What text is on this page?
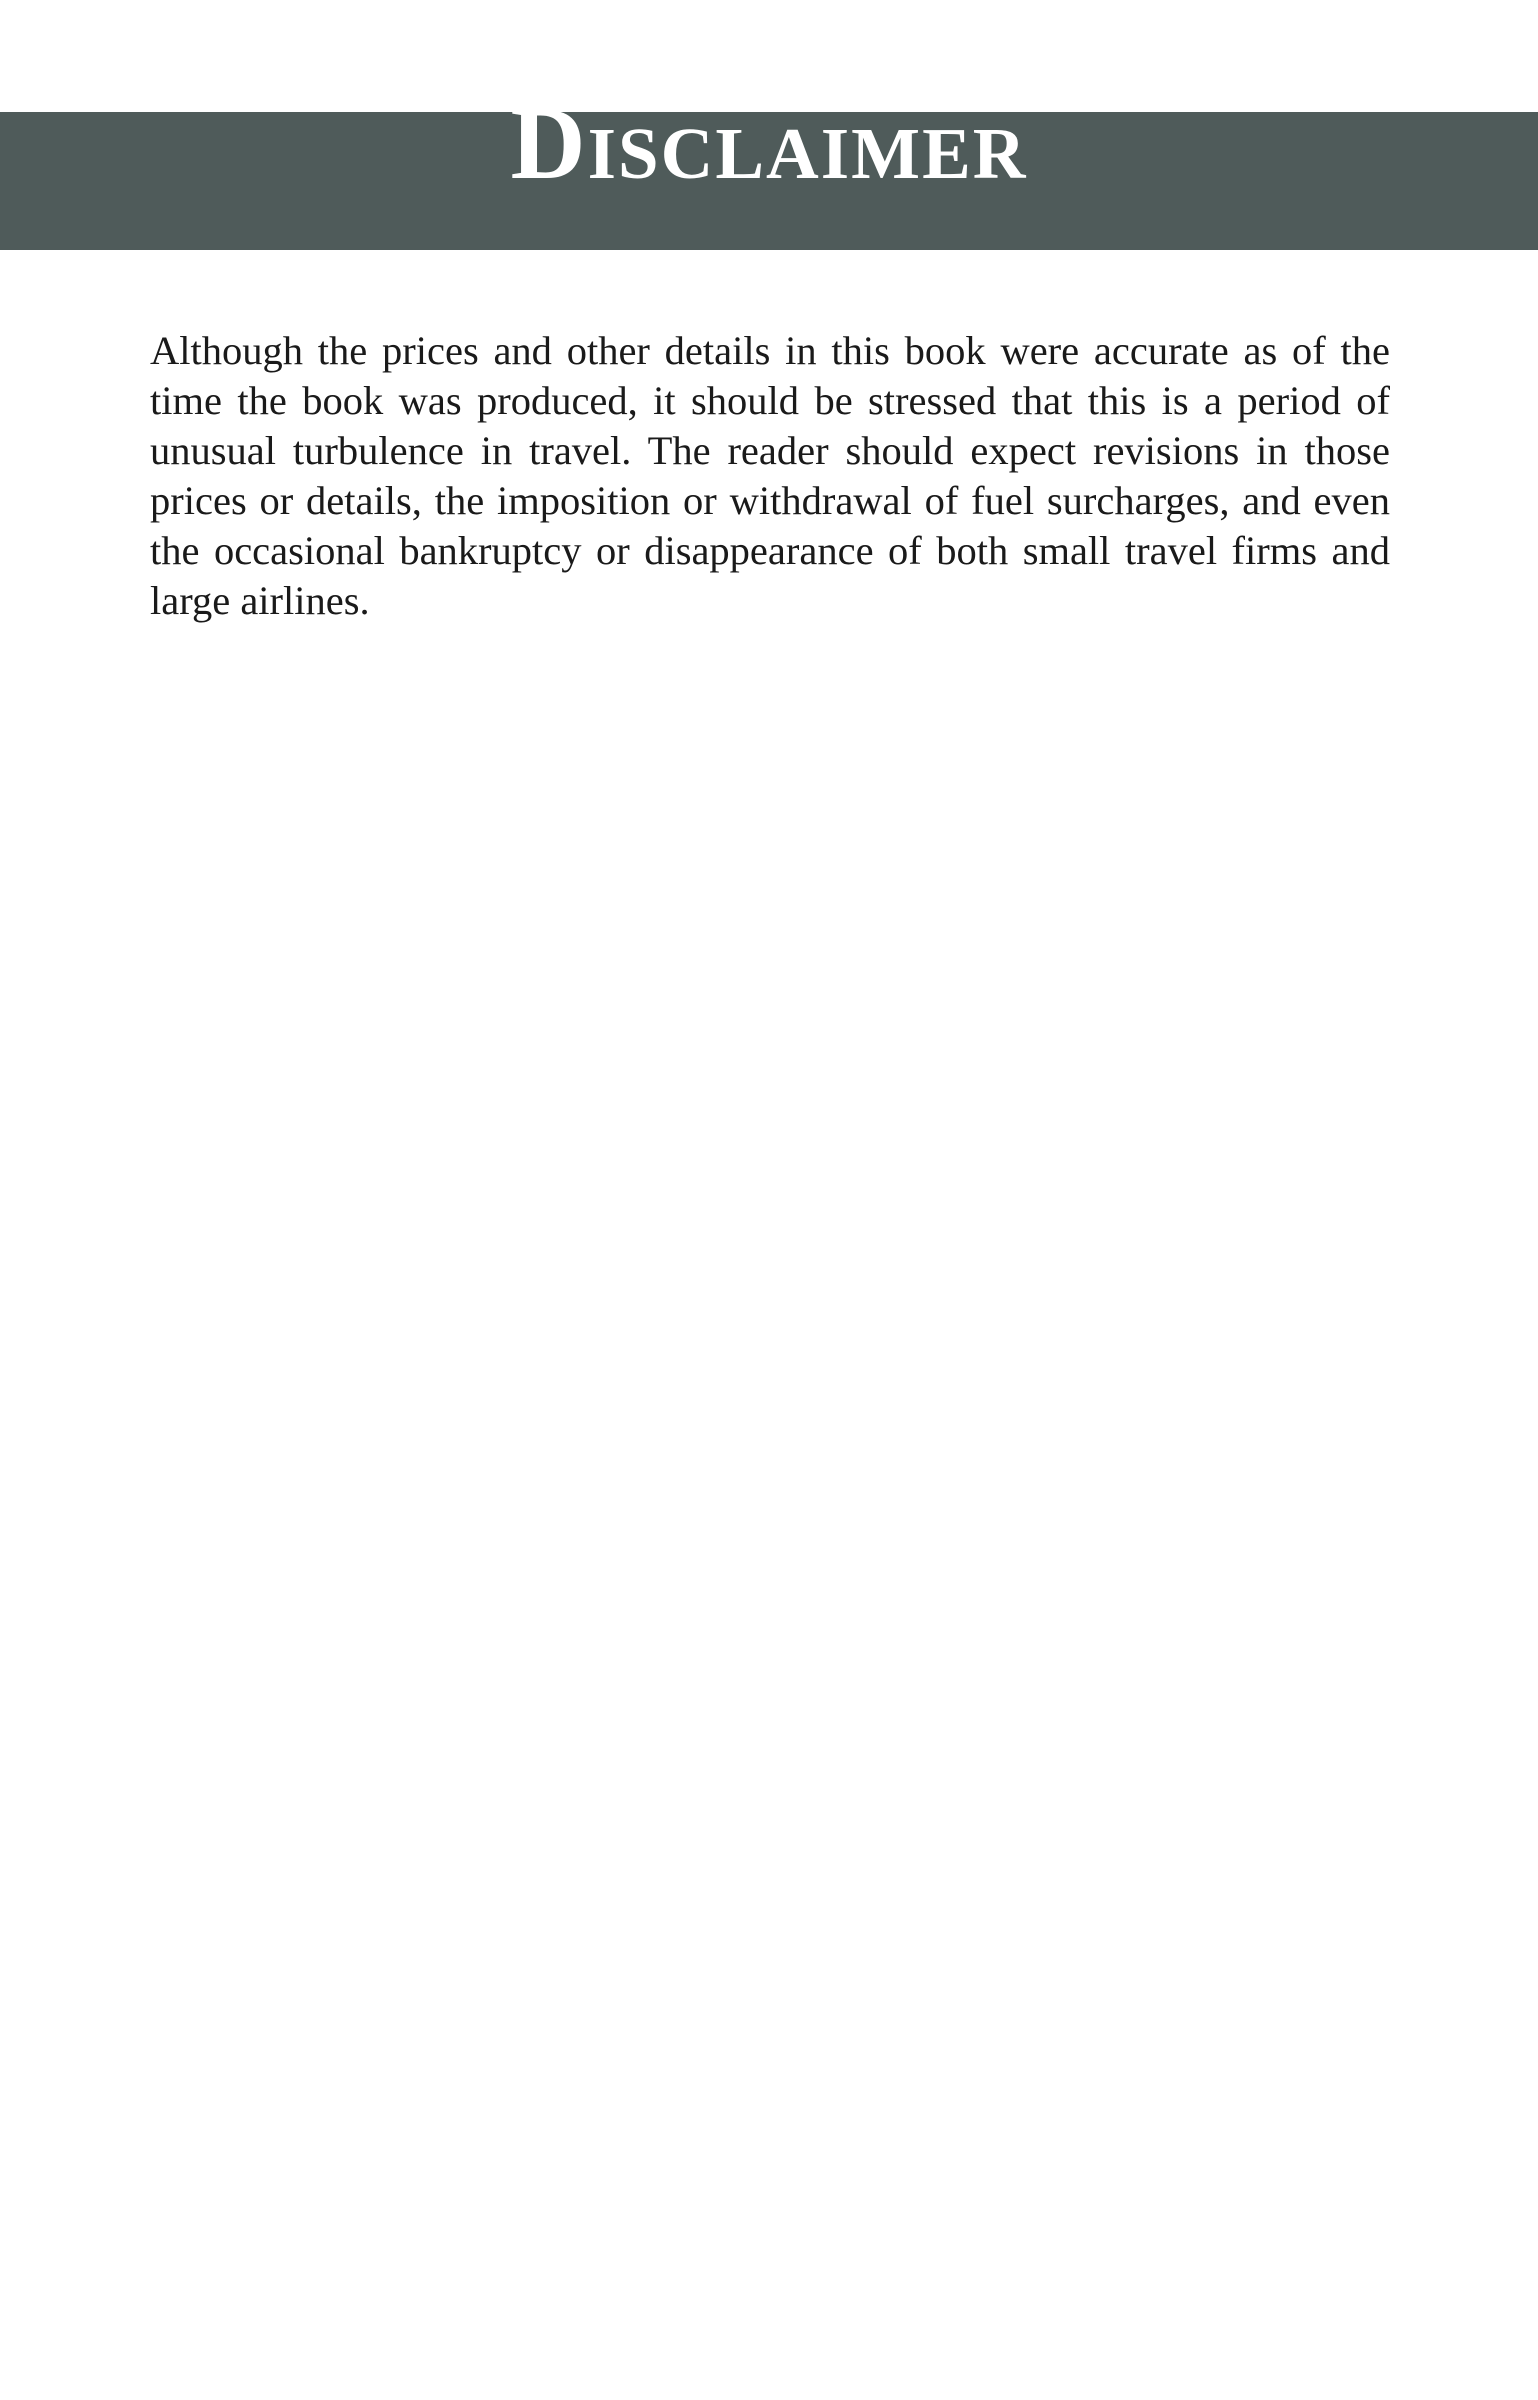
Disclaimer

Although the prices and other details in this book were accurate as of the time the book was produced, it should be stressed that this is a period of unusual turbulence in travel. The reader should expect revisions in those prices or details, the imposition or withdrawal of fuel surcharges, and even the occasional bankruptcy or disappearance of both small travel firms and large airlines.
